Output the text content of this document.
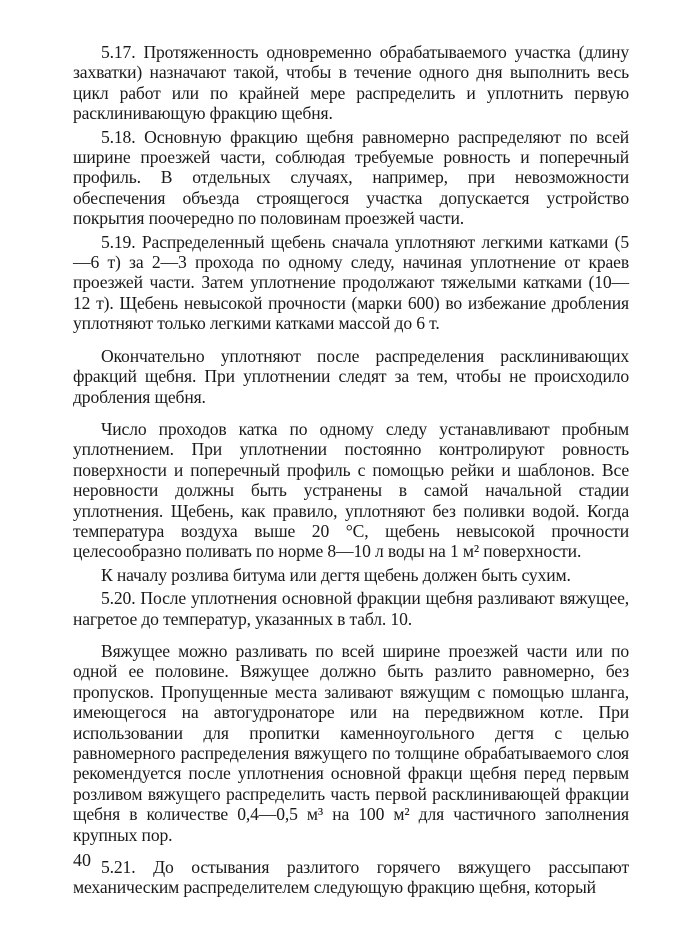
5.17. Протяженность одновременно обрабатываемого участка (длину захватки) назначают такой, чтобы в течение одного дня выполнить весь цикл работ или по крайней мере распределить и уплотнить первую расклинивающую фракцию щебня.

5.18. Основную фракцию щебня равномерно распределяют по всей ширине проезжей части, соблюдая требуемые ровность и поперечный профиль. В отдельных случаях, например, при невозможности обеспечения объезда строящегося участка допускается устройство покрытия поочередно по половинам проезжей части.

5.19. Распределенный щебень сначала уплотняют легкими катками (5—6 т) за 2—3 прохода по одному следу, начиная уплотнение от краев проезжей части. Затем уплотнение продолжают тяжелыми катками (10—12 т). Щебень невысокой прочности (марки 600) во избежание дробления уплотняют только легкими катками массой до 6 т.

Окончательно уплотняют после распределения расклинивающих фракций щебня. При уплотнении следят за тем, чтобы не происходило дробления щебня.

Число проходов катка по одному следу устанавливают пробным уплотнением. При уплотнении постоянно контролируют ровность поверхности и поперечный профиль с помощью рейки и шаблонов. Все неровности должны быть устранены в самой начальной стадии уплотнения. Щебень, как правило, уплотняют без поливки водой. Когда температура воздуха выше 20 °С, щебень невысокой прочности целесообразно поливать по норме 8—10 л воды на 1 м² поверхности.

К началу розлива битума или дегтя щебень должен быть сухим.

5.20. После уплотнения основной фракции щебня разливают вяжущее, нагретое до температур, указанных в табл. 10.

Вяжущее можно разливать по всей ширине проезжей части или по одной ее половине. Вяжущее должно быть разлито равномерно, без пропусков. Пропущенные места заливают вяжущим с помощью шланга, имеющегося на автогудронаторе или на передвижном котле. При использовании для пропитки каменноугольного дегтя с целью равномерного распределения вяжущего по толщине обрабатываемого слоя рекомендуется после уплотнения основной фракци щебня перед первым розливом вяжущего распределить часть первой расклинивающей фракции щебня в количестве 0,4—0,5 м³ на 100 м² для частичного заполнения крупных пор.

5.21. До остывания разлитого горячего вяжущего рассыпают механическим распределителем следующую фракцию щебня, который

40
